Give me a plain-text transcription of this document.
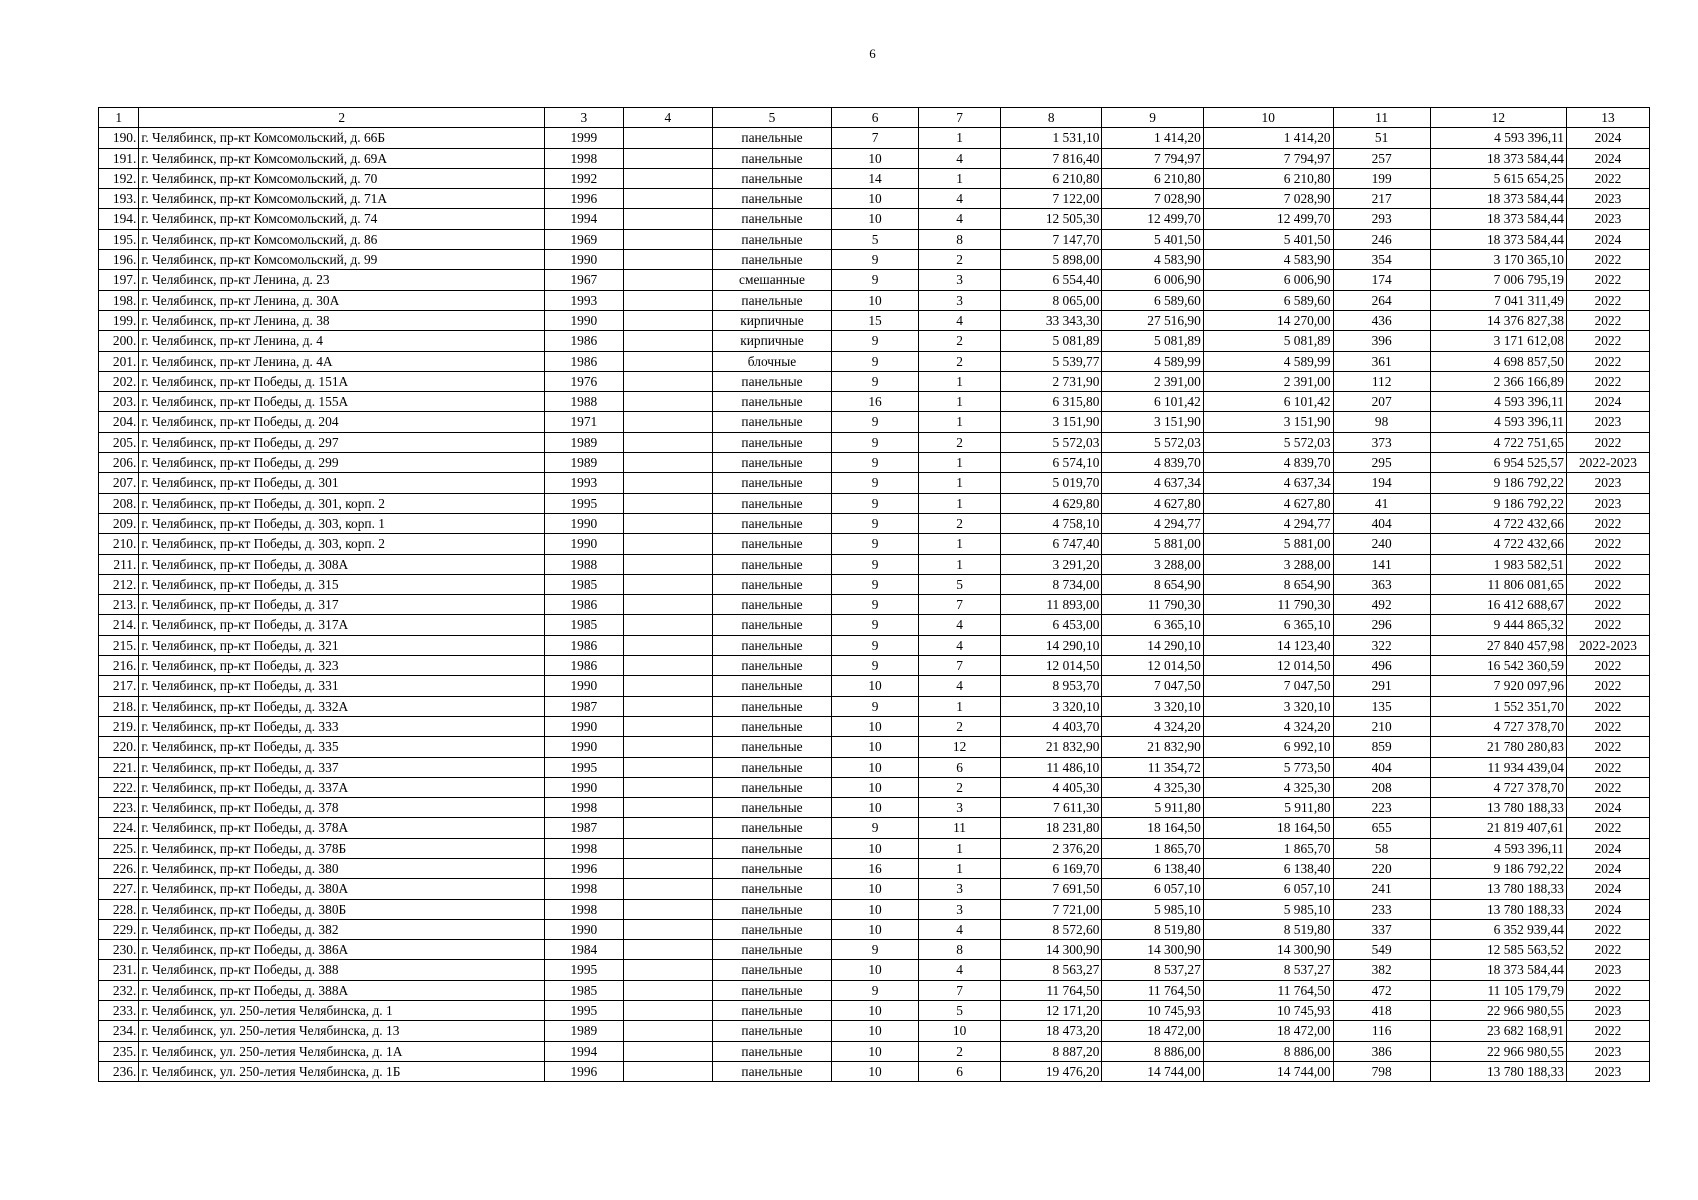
6
1	2	3	4	5	6	7	8	9	10	11	12	13
190.	г. Челябинск, пр-кт Комсомольский, д. 66Б	1999		панельные	7	1	1 531,10	1 414,20	1 414,20	51	4 593 396,11	2024
191.	г. Челябинск, пр-кт Комсомольский, д. 69А	1998		панельные	10	4	7 816,40	7 794,97	7 794,97	257	18 373 584,44	2024
192.	г. Челябинск, пр-кт Комсомольский, д. 70	1992		панельные	14	1	6 210,80	6 210,80	6 210,80	199	5 615 654,25	2022
193.	г. Челябинск, пр-кт Комсомольский, д. 71А	1996		панельные	10	4	7 122,00	7 028,90	7 028,90	217	18 373 584,44	2023
194.	г. Челябинск, пр-кт Комсомольский, д. 74	1994		панельные	10	4	12 505,30	12 499,70	12 499,70	293	18 373 584,44	2023
195.	г. Челябинск, пр-кт Комсомольский, д. 86	1969		панельные	5	8	7 147,70	5 401,50	5 401,50	246	18 373 584,44	2024
196.	г. Челябинск, пр-кт Комсомольский, д. 99	1990		панельные	9	2	5 898,00	4 583,90	4 583,90	354	3 170 365,10	2022
197.	г. Челябинск, пр-кт Ленина, д. 23	1967		смешанные	9	3	6 554,40	6 006,90	6 006,90	174	7 006 795,19	2022
198.	г. Челябинск, пр-кт Ленина, д. 30А	1993		панельные	10	3	8 065,00	6 589,60	6 589,60	264	7 041 311,49	2022
199.	г. Челябинск, пр-кт Ленина, д. 38	1990		кирпичные	15	4	33 343,30	27 516,90	14 270,00	436	14 376 827,38	2022
200.	г. Челябинск, пр-кт Ленина, д. 4	1986		кирпичные	9	2	5 081,89	5 081,89	5 081,89	396	3 171 612,08	2022
201.	г. Челябинск, пр-кт Ленина, д. 4А	1986		блочные	9	2	5 539,77	4 589,99	4 589,99	361	4 698 857,50	2022
202.	г. Челябинск, пр-кт Победы, д. 151А	1976		панельные	9	1	2 731,90	2 391,00	2 391,00	112	2 366 166,89	2022
203.	г. Челябинск, пр-кт Победы, д. 155А	1988		панельные	16	1	6 315,80	6 101,42	6 101,42	207	4 593 396,11	2024
204.	г. Челябинск, пр-кт Победы, д. 204	1971		панельные	9	1	3 151,90	3 151,90	3 151,90	98	4 593 396,11	2023
205.	г. Челябинск, пр-кт Победы, д. 297	1989		панельные	9	2	5 572,03	5 572,03	5 572,03	373	4 722 751,65	2022
206.	г. Челябинск, пр-кт Победы, д. 299	1989		панельные	9	1	6 574,10	4 839,70	4 839,70	295	6 954 525,57	2022-2023
207.	г. Челябинск, пр-кт Победы, д. 301	1993		панельные	9	1	5 019,70	4 637,34	4 637,34	194	9 186 792,22	2023
208.	г. Челябинск, пр-кт Победы, д. 301, корп. 2	1995		панельные	9	1	4 629,80	4 627,80	4 627,80	41	9 186 792,22	2023
209.	г. Челябинск, пр-кт Победы, д. 303, корп. 1	1990		панельные	9	2	4 758,10	4 294,77	4 294,77	404	4 722 432,66	2022
210.	г. Челябинск, пр-кт Победы, д. 303, корп. 2	1990		панельные	9	1	6 747,40	5 881,00	5 881,00	240	4 722 432,66	2022
211.	г. Челябинск, пр-кт Победы, д. 308А	1988		панельные	9	1	3 291,20	3 288,00	3 288,00	141	1 983 582,51	2022
212.	г. Челябинск, пр-кт Победы, д. 315	1985		панельные	9	5	8 734,00	8 654,90	8 654,90	363	11 806 081,65	2022
213.	г. Челябинск, пр-кт Победы, д. 317	1986		панельные	9	7	11 893,00	11 790,30	11 790,30	492	16 412 688,67	2022
214.	г. Челябинск, пр-кт Победы, д. 317А	1985		панельные	9	4	6 453,00	6 365,10	6 365,10	296	9 444 865,32	2022
215.	г. Челябинск, пр-кт Победы, д. 321	1986		панельные	9	4	14 290,10	14 290,10	14 123,40	322	27 840 457,98	2022-2023
216.	г. Челябинск, пр-кт Победы, д. 323	1986		панельные	9	7	12 014,50	12 014,50	12 014,50	496	16 542 360,59	2022
217.	г. Челябинск, пр-кт Победы, д. 331	1990		панельные	10	4	8 953,70	7 047,50	7 047,50	291	7 920 097,96	2022
218.	г. Челябинск, пр-кт Победы, д. 332А	1987		панельные	9	1	3 320,10	3 320,10	3 320,10	135	1 552 351,70	2022
219.	г. Челябинск, пр-кт Победы, д. 333	1990		панельные	10	2	4 403,70	4 324,20	4 324,20	210	4 727 378,70	2022
220.	г. Челябинск, пр-кт Победы, д. 335	1990		панельные	10	12	21 832,90	21 832,90	6 992,10	859	21 780 280,83	2022
221.	г. Челябинск, пр-кт Победы, д. 337	1995		панельные	10	6	11 486,10	11 354,72	5 773,50	404	11 934 439,04	2022
222.	г. Челябинск, пр-кт Победы, д. 337А	1990		панельные	10	2	4 405,30	4 325,30	4 325,30	208	4 727 378,70	2022
223.	г. Челябинск, пр-кт Победы, д. 378	1998		панельные	10	3	7 611,30	5 911,80	5 911,80	223	13 780 188,33	2024
224.	г. Челябинск, пр-кт Победы, д. 378А	1987		панельные	9	11	18 231,80	18 164,50	18 164,50	655	21 819 407,61	2022
225.	г. Челябинск, пр-кт Победы, д. 378Б	1998		панельные	10	1	2 376,20	1 865,70	1 865,70	58	4 593 396,11	2024
226.	г. Челябинск, пр-кт Победы, д. 380	1996		панельные	16	1	6 169,70	6 138,40	6 138,40	220	9 186 792,22	2024
227.	г. Челябинск, пр-кт Победы, д. 380А	1998		панельные	10	3	7 691,50	6 057,10	6 057,10	241	13 780 188,33	2024
228.	г. Челябинск, пр-кт Победы, д. 380Б	1998		панельные	10	3	7 721,00	5 985,10	5 985,10	233	13 780 188,33	2024
229.	г. Челябинск, пр-кт Победы, д. 382	1990		панельные	10	4	8 572,60	8 519,80	8 519,80	337	6 352 939,44	2022
230.	г. Челябинск, пр-кт Победы, д. 386А	1984		панельные	9	8	14 300,90	14 300,90	14 300,90	549	12 585 563,52	2022
231.	г. Челябинск, пр-кт Победы, д. 388	1995		панельные	10	4	8 563,27	8 537,27	8 537,27	382	18 373 584,44	2023
232.	г. Челябинск, пр-кт Победы, д. 388А	1985		панельные	9	7	11 764,50	11 764,50	11 764,50	472	11 105 179,79	2022
233.	г. Челябинск, ул. 250-летия Челябинска, д. 1	1995		панельные	10	5	12 171,20	10 745,93	10 745,93	418	22 966 980,55	2023
234.	г. Челябинск, ул. 250-летия Челябинска, д. 13	1989		панельные	10	10	18 473,20	18 472,00	18 472,00	116	23 682 168,91	2022
235.	г. Челябинск, ул. 250-летия Челябинска, д. 1А	1994		панельные	10	2	8 887,20	8 886,00	8 886,00	386	22 966 980,55	2023
236.	г. Челябинск, ул. 250-летия Челябинска, д. 1Б	1996		панельные	10	6	19 476,20	14 744,00	14 744,00	798	13 780 188,33	2023
